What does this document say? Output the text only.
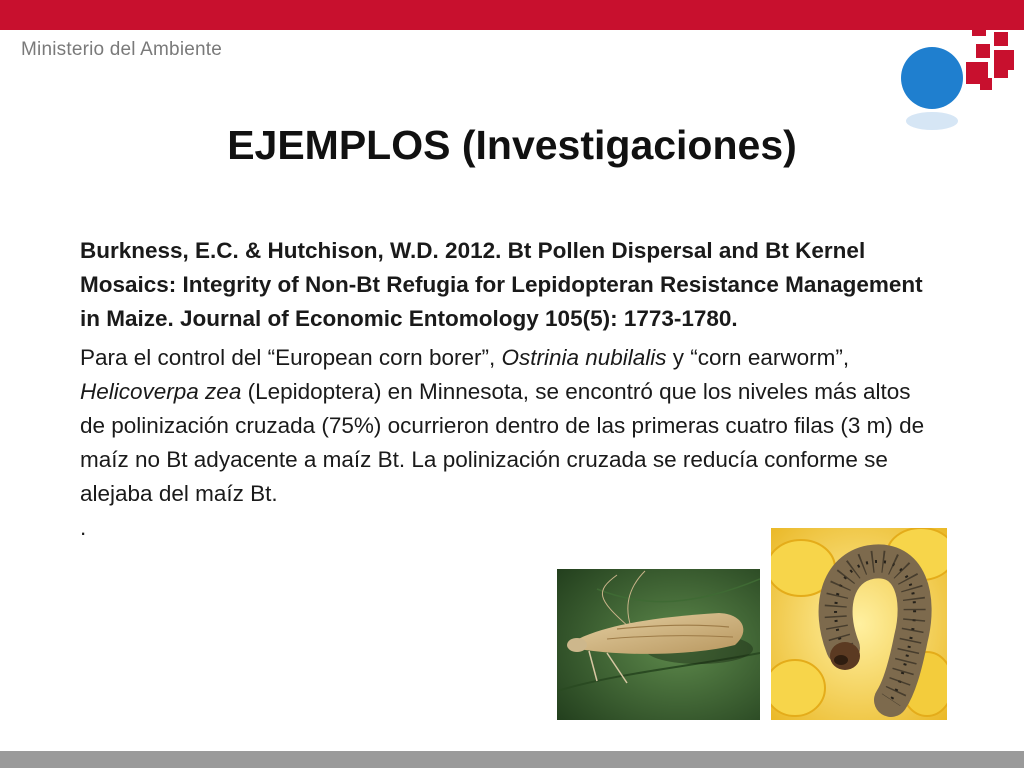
Ministerio del Ambiente
EJEMPLOS (Investigaciones)

Burkness, E.C. & Hutchison, W.D. 2012. Bt Pollen Dispersal and Bt Kernel Mosaics: Integrity of Non-Bt Refugia for Lepidopteran Resistance Management in Maize. Journal of Economic Entomology 105(5): 1773-1780.

Para el control del “European corn borer”, Ostrinia nubilalis y “corn earworm”, Helicoverpa zea (Lepidoptera) en Minnesota, se encontró que los niveles más altos de polinización cruzada (75%) ocurrieron dentro de las primeras cuatro filas (3 m) de maíz no Bt adyacente a maíz Bt. La polinización cruzada se reducía conforme se alejaba del maíz Bt.

.
